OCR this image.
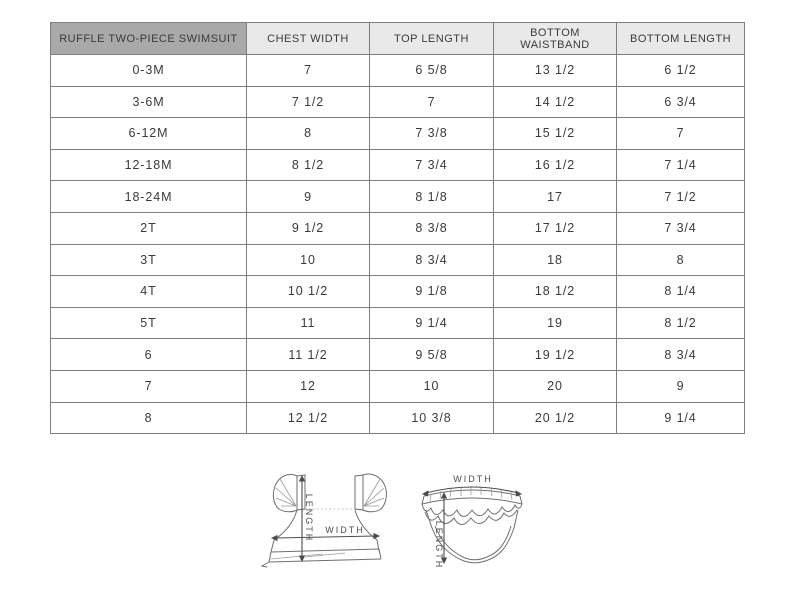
RUFFLE TWO-PIECE SWIMSUIT	CHEST WIDTH	TOP LENGTH	BOTTOM WAISTBAND	BOTTOM LENGTH
0-3M	7	6 5/8	13 1/2	6 1/2
3-6M	7 1/2	7	14 1/2	6 3/4
6-12M	8	7 3/8	15 1/2	7
12-18M	8 1/2	7 3/4	16 1/2	7 1/4
18-24M	9	8 1/8	17	7 1/2
2T	9 1/2	8 3/8	17 1/2	7 3/4
3T	10	8 3/4	18	8
4T	10 1/2	9 1/8	18 1/2	8 1/4
5T	11	9 1/4	19	8 1/2
6	11 1/2	9 5/8	19 1/2	8 3/4
7	12	10	20	9
8	12 1/2	10 3/8	20 1/2	9 1/4
LENGTH WIDTH
WIDTH
LENGTH
